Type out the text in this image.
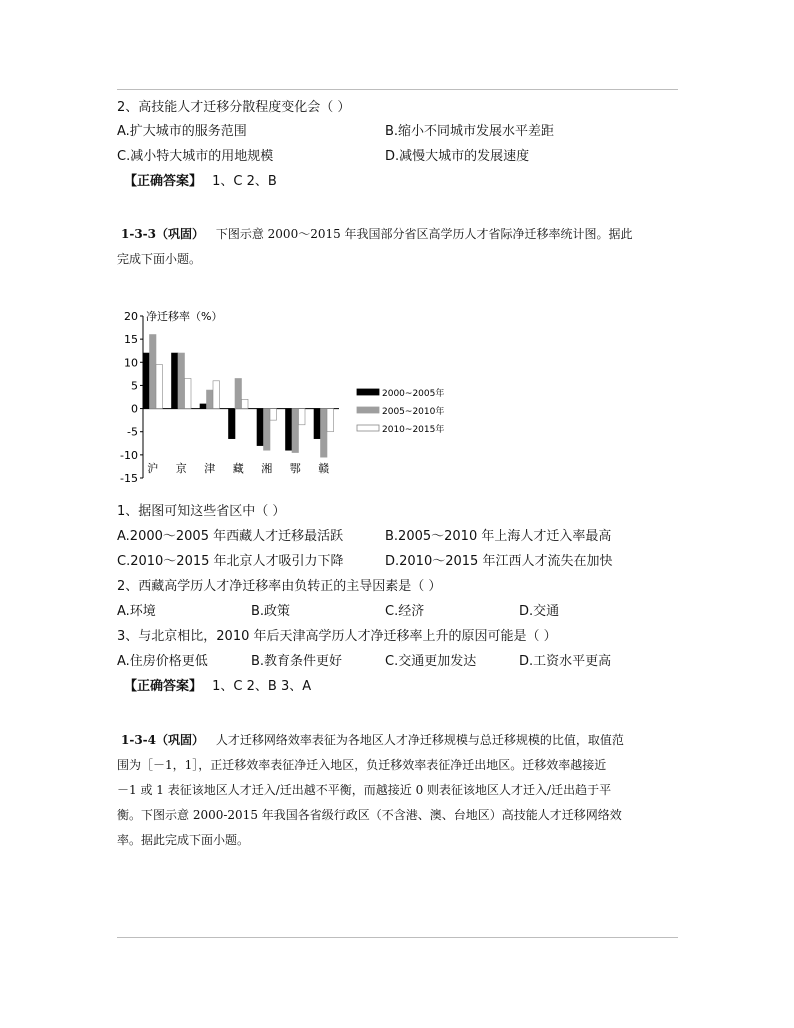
2、高技能人才迁移分散程度变化会（ ）
A.扩大城市的服务范围	B.缩小不同城市发展水平差距
C.减小特大城市的用地规模	D.减慢大城市的发展速度
【正确答案】 1、C 2、B
1-3-3（巩固） 下图示意 2000～2015 年我国部分省区高学历人才省际净迁移率统计图。据此
完成下面小题。
20
15
10
5
0
-5
-10
-15
净迁移率（%）
沪 京 津 藏 湘 鄂 赣
2000~2005年
2005~2010年
2010~2015年
1、据图可知这些省区中（ ）
A.2000～2005 年西藏人才迁移最活跃	B.2005～2010 年上海人才迁入率最高
C.2010～2015 年北京人才吸引力下降	D.2010～2015 年江西人才流失在加快
2、西藏高学历人才净迁移率由负转正的主导因素是（ ）
A.环境	B.政策	C.经济	D.交通
3、与北京相比，2010 年后天津高学历人才净迁移率上升的原因可能是（ ）
A.住房价格更低	B.教育条件更好	C.交通更加发达	D.工资水平更高
【正确答案】 1、C 2、B 3、A
1-3-4（巩固） 人才迁移网络效率表征为各地区人才净迁移规模与总迁移规模的比值，取值范
围为［－1，1］，正迁移效率表征净迁入地区，负迁移效率表征净迁出地区。迁移效率越接近
－1 或 1 表征该地区人才迁入/迁出越不平衡，而越接近 0 则表征该地区人才迁入/迁出趋于平
衡。下图示意 2000-2015 年我国各省级行政区（不含港、澳、台地区）高技能人才迁移网络效
率。据此完成下面小题。
